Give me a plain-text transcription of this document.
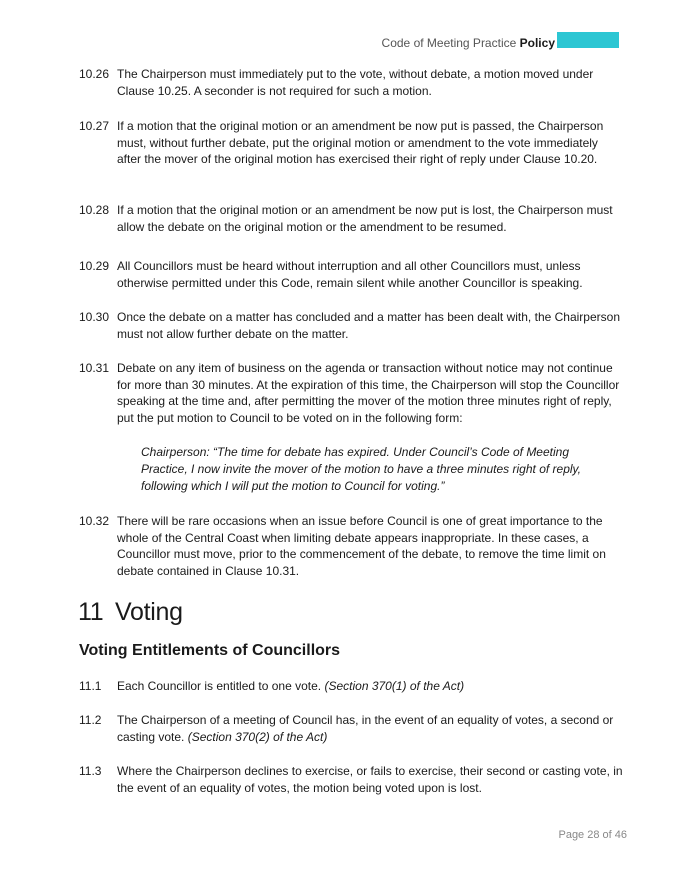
Code of Meeting Practice Policy
10.26 The Chairperson must immediately put to the vote, without debate, a motion moved under Clause 10.25. A seconder is not required for such a motion.
10.27 If a motion that the original motion or an amendment be now put is passed, the Chairperson must, without further debate, put the original motion or amendment to the vote immediately after the mover of the original motion has exercised their right of reply under Clause 10.20.
10.28 If a motion that the original motion or an amendment be now put is lost, the Chairperson must allow the debate on the original motion or the amendment to be resumed.
10.29 All Councillors must be heard without interruption and all other Councillors must, unless otherwise permitted under this Code, remain silent while another Councillor is speaking.
10.30 Once the debate on a matter has concluded and a matter has been dealt with, the Chairperson must not allow further debate on the matter.
10.31 Debate on any item of business on the agenda or transaction without notice may not continue for more than 30 minutes. At the expiration of this time, the Chairperson will stop the Councillor speaking at the time and, after permitting the mover of the motion three minutes right of reply, put the put motion to Council to be voted on in the following form:
Chairperson: “The time for debate has expired. Under Council’s Code of Meeting Practice, I now invite the mover of the motion to have a three minutes right of reply, following which I will put the motion to Council for voting.”
10.32 There will be rare occasions when an issue before Council is one of great importance to the whole of the Central Coast when limiting debate appears inappropriate. In these cases, a Councillor must move, prior to the commencement of the debate, to remove the time limit on debate contained in Clause 10.31.
11 Voting
Voting Entitlements of Councillors
11.1	Each Councillor is entitled to one vote. (Section 370(1) of the Act)
11.2	The Chairperson of a meeting of Council has, in the event of an equality of votes, a second or casting vote. (Section 370(2) of the Act)
11.3	Where the Chairperson declines to exercise, or fails to exercise, their second or casting vote, in the event of an equality of votes, the motion being voted upon is lost.
Page 28 of 46
